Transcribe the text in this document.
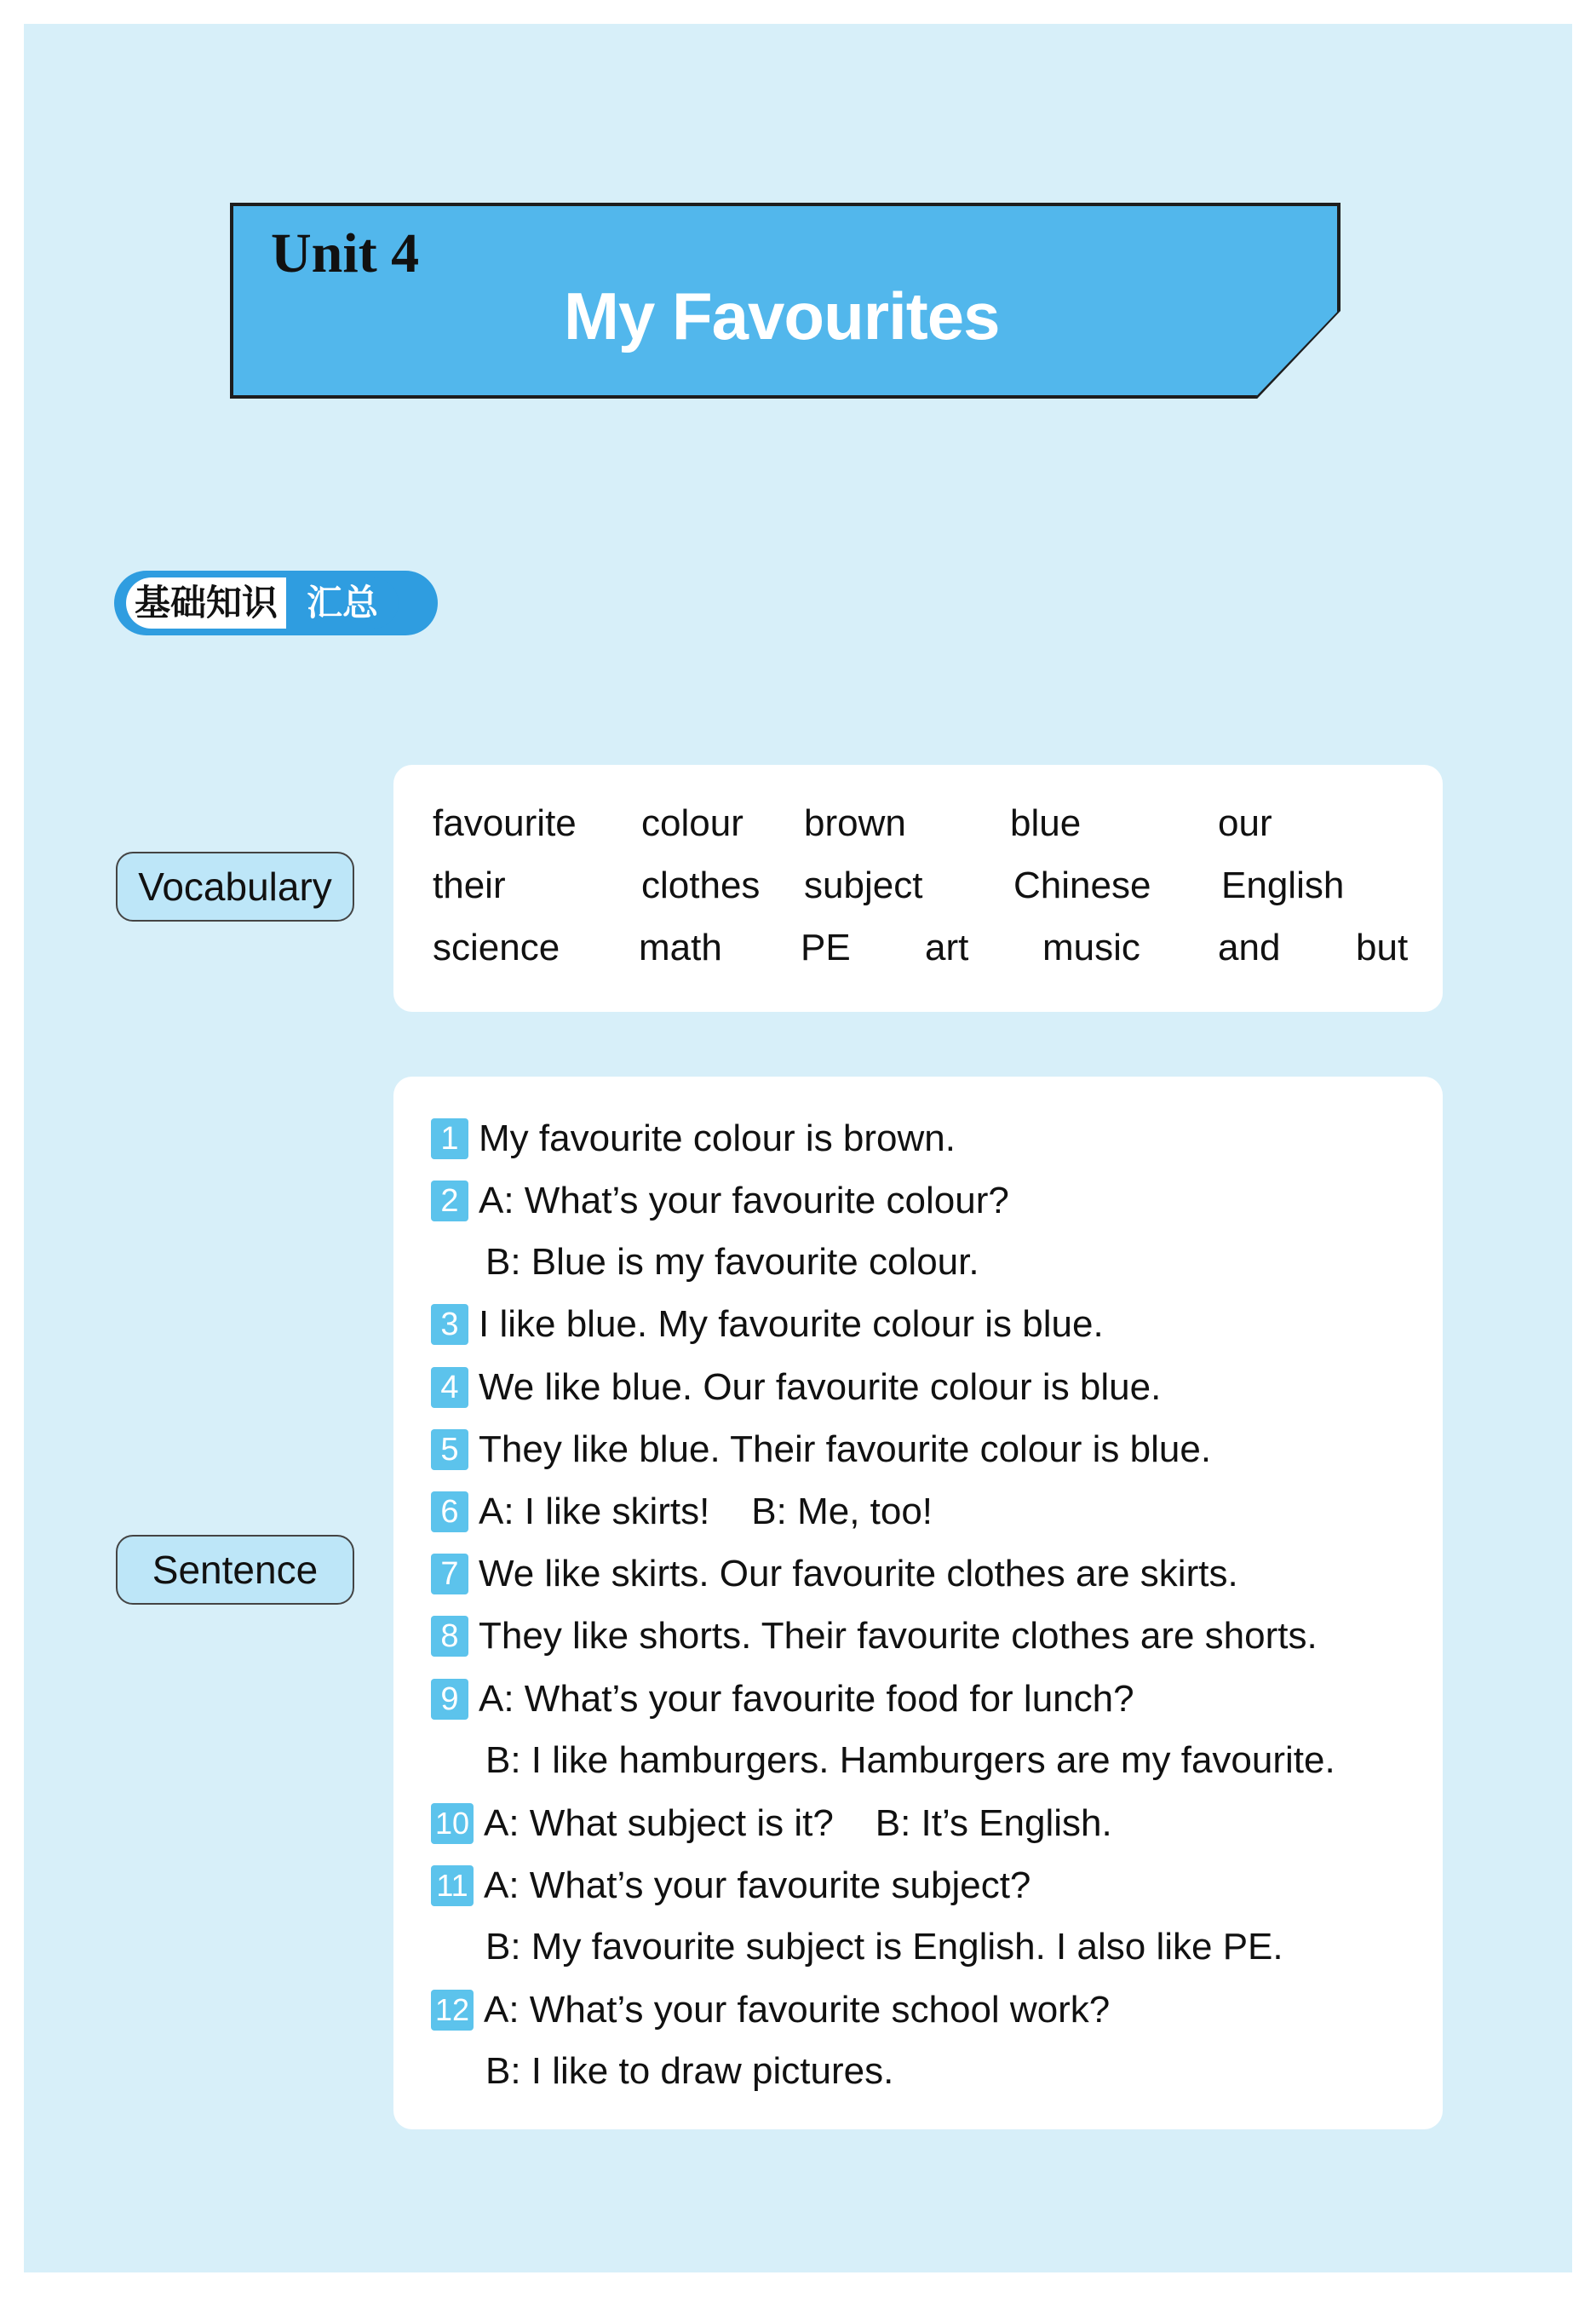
Unit 4
My Favourites
基础知识 汇总
Vocabulary
favourite colour brown	blue	our
their	clothes subject Chinese English
science math PE art music and but
Sentence
1 My favourite colour is brown.
2 A: What’s your favourite colour?
B: Blue is my favourite colour.
3 I like blue. My favourite colour is blue.
4 We like blue. Our favourite colour is blue.
5 They like blue. Their favourite colour is blue.
6 A: I like skirts!    B: Me, too!
7 We like skirts. Our favourite clothes are skirts.
8 They like shorts. Their favourite clothes are shorts.
9 A: What’s your favourite food for lunch?
B: I like hamburgers. Hamburgers are my favourite.
10 A: What subject is it?    B: It’s English.
11 A: What’s your favourite subject?
B: My favourite subject is English. I also like PE.
12 A: What’s your favourite school work?
B: I like to draw pictures.
